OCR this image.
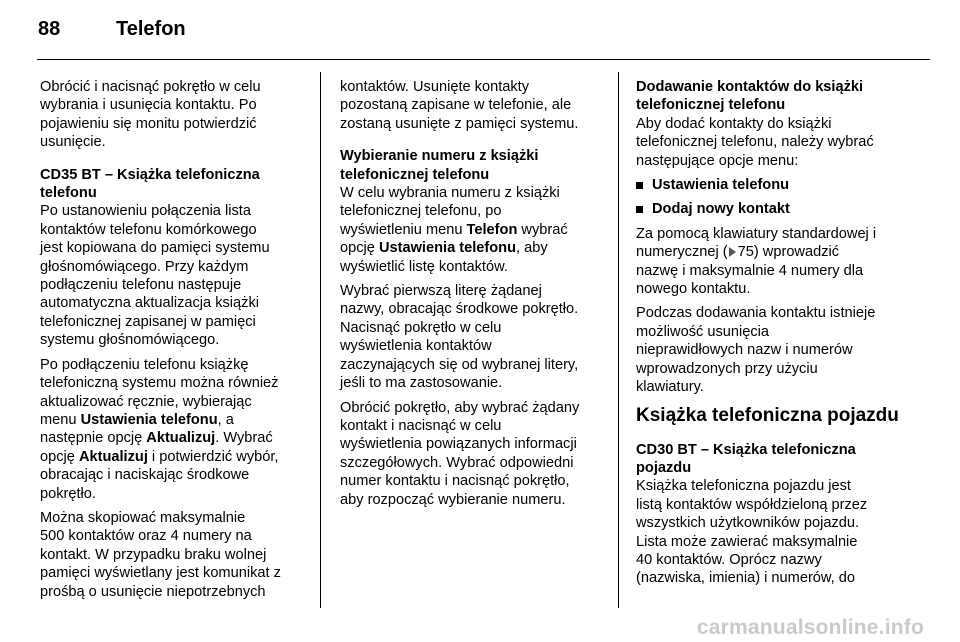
88	Telefon
Obrócić i nacisnąć pokrętło w celu
wybrania i usunięcia kontaktu. Po
pojawieniu się monitu potwierdzić
usunięcie.
CD35 BT – Książka telefoniczna
telefonu

Po ustanowieniu połączenia lista
kontaktów telefonu komórkowego
jest kopiowana do pamięci systemu
głośnomówiącego. Przy każdym
podłączeniu telefonu następuje
automatyczna aktualizacja książki
telefonicznej zapisanej w pamięci
systemu głośnomówiącego.

Po podłączeniu telefonu książkę
telefoniczną systemu można również
aktualizować ręcznie, wybierając
menu Ustawienia telefonu, a
następnie opcję Aktualizuj. Wybrać
opcję Aktualizuj i potwierdzić wybór,
obracając i naciskając środkowe
pokrętło.

Można skopiować maksymalnie
500 kontaktów oraz 4 numery na
kontakt. W przypadku braku wolnej
pamięci wyświetlany jest komunikat z
prośbą o usunięcie niepotrzebnych

kontaktów. Usunięte kontakty
pozostaną zapisane w telefonie, ale
zostaną usunięte z pamięci systemu.
Wybieranie numeru z książki
telefonicznej telefonu

W celu wybrania numeru z książki
telefonicznej telefonu, po
wyświetleniu menu Telefon wybrać
opcję Ustawienia telefonu, aby
wyświetlić listę kontaktów.

Wybrać pierwszą literę żądanej
nazwy, obracając środkowe pokrętło.
Nacisnąć pokrętło w celu
wyświetlenia kontaktów
zaczynających się od wybranej litery,
jeśli to ma zastosowanie.

Obrócić pokrętło, aby wybrać żądany
kontakt i nacisnąć w celu
wyświetlenia powiązanych informacji
szczegółowych. Wybrać odpowiedni
numer kontaktu i nacisnąć pokrętło,
aby rozpocząć wybieranie numeru.

Dodawanie kontaktów do książki
telefonicznej telefonu

Aby dodać kontakty do książki
telefonicznej telefonu, należy wybrać
następujące opcje menu:

Ustawienia telefonu
Dodaj nowy kontakt

Za pomocą klawiatury standardowej i
numerycznej ( 75) wprowadzić
nazwę i maksymalnie 4 numery dla
nowego kontaktu.

Podczas dodawania kontaktu istnieje
możliwość usunięcia
nieprawidłowych nazw i numerów
wprowadzonych przy użyciu
klawiatury.

Książka telefoniczna pojazdu
CD30 BT – Książka telefoniczna
pojazdu

Książka telefoniczna pojazdu jest
listą kontaktów współdzieloną przez
wszystkich użytkowników pojazdu.
Lista może zawierać maksymalnie
40 kontaktów. Oprócz nazwy
(nazwiska, imienia) i numerów, do

carmanualsonline.info
